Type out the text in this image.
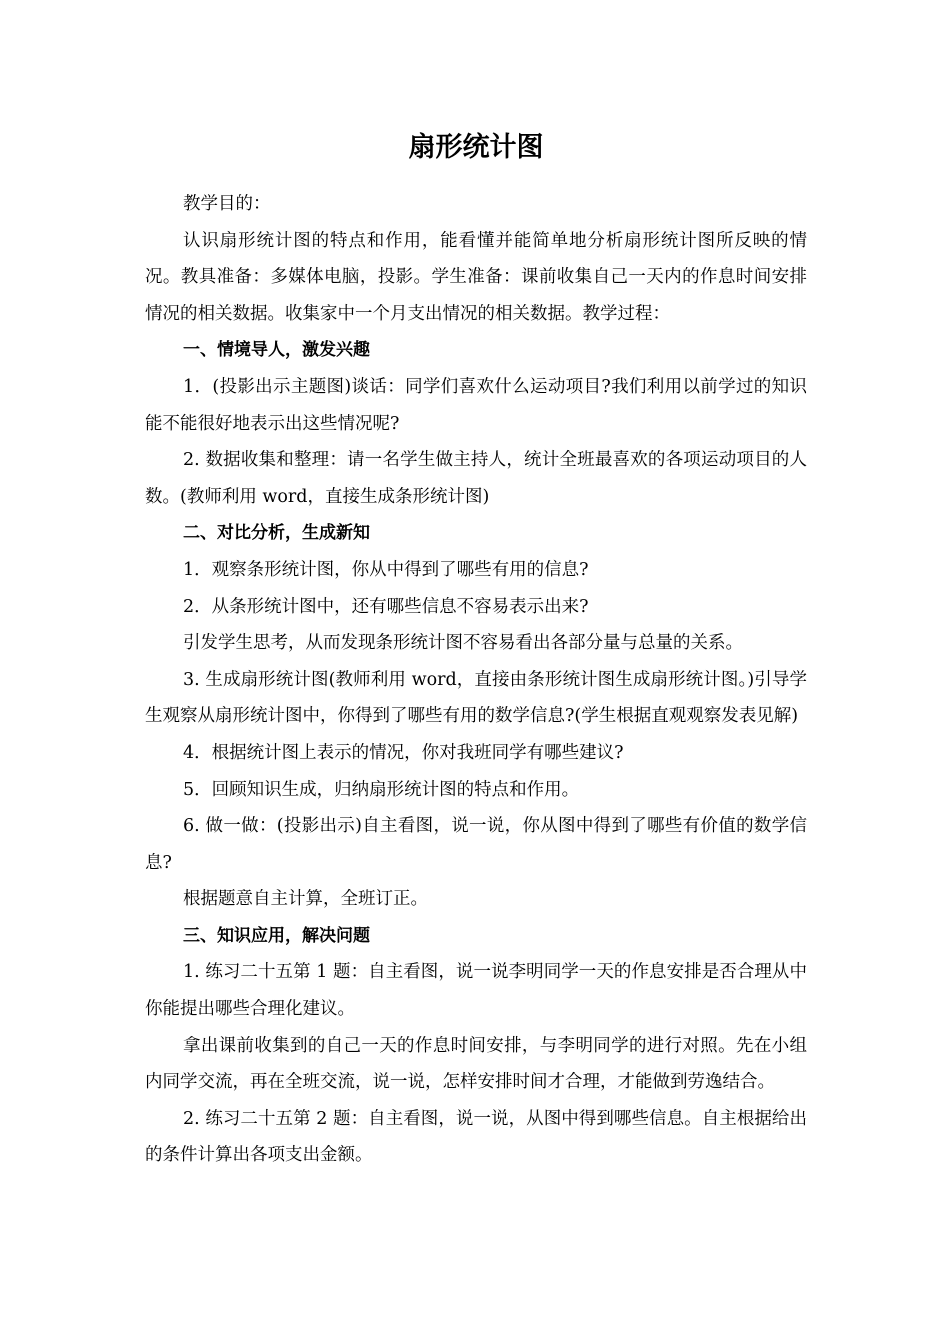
扇形统计图

教学目的：

认识扇形统计图的特点和作用，能看懂并能简单地分析扇形统计图所反映的情况。教具准备：多媒体电脑，投影。学生准备：课前收集自己一天内的作息时间安排情况的相关数据。收集家中一个月支出情况的相关数据。教学过程：

一、情境导人，激发兴趣

1．(投影出示主题图)谈话：同学们喜欢什么运动项目?我们利用以前学过的知识能不能很好地表示出这些情况呢?

2. 数据收集和整理：请一名学生做主持人，统计全班最喜欢的各项运动项目的人数。(教师利用 word，直接生成条形统计图)

二、对比分析，生成新知

1．观察条形统计图，你从中得到了哪些有用的信息?

2．从条形统计图中，还有哪些信息不容易表示出来?

引发学生思考，从而发现条形统计图不容易看出各部分量与总量的关系。

3. 生成扇形统计图(教师利用 word，直接由条形统计图生成扇形统计图。)引导学生观察从扇形统计图中，你得到了哪些有用的数学信息?(学生根据直观观察发表见解)

4．根据统计图上表示的情况，你对我班同学有哪些建议?

5．回顾知识生成，归纳扇形统计图的特点和作用。

6. 做一做：(投影出示)自主看图，说一说，你从图中得到了哪些有价值的数学信息?

根据题意自主计算，全班订正。

三、知识应用，解决问题

1. 练习二十五第 1 题：自主看图，说一说李明同学一天的作息安排是否合理从中你能提出哪些合理化建议。

拿出课前收集到的自己一天的作息时间安排，与李明同学的进行对照。先在小组内同学交流，再在全班交流，说一说，怎样安排时间才合理，才能做到劳逸结合。

2. 练习二十五第 2 题：自主看图，说一说，从图中得到哪些信息。自主根据给出的条件计算出各项支出金额。
